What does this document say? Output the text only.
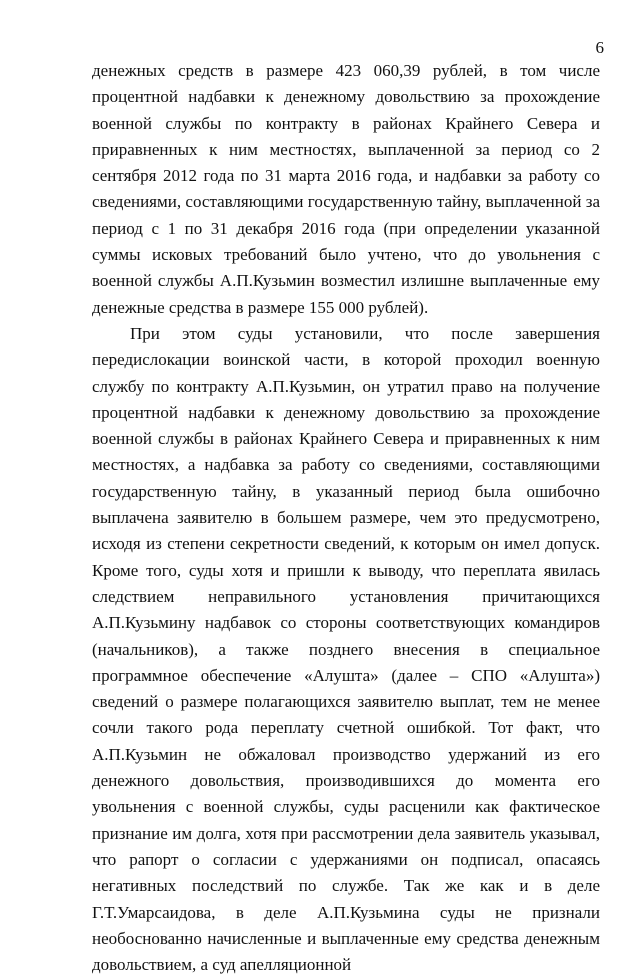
6

денежных средств в размере 423 060,39 рублей, в том числе процентной надбавки к денежному довольствию за прохождение военной службы по контракту в районах Крайнего Севера и приравненных к ним местностях, выплаченной за период со 2 сентября 2012 года по 31 марта 2016 года, и надбавки за работу со сведениями, составляющими государственную тайну, выплаченной за период с 1 по 31 декабря 2016 года (при определении указанной суммы исковых требований было учтено, что до увольнения с военной службы А.П.Кузьмин возместил излишне выплаченные ему денежные средства в размере 155 000 рублей).

При этом суды установили, что после завершения передислокации воинской части, в которой проходил военную службу по контракту А.П.Кузьмин, он утратил право на получение процентной надбавки к денежному довольствию за прохождение военной службы в районах Крайнего Севера и приравненных к ним местностях, а надбавка за работу со сведениями, составляющими государственную тайну, в указанный период была ошибочно выплачена заявителю в большем размере, чем это предусмотрено, исходя из степени секретности сведений, к которым он имел допуск. Кроме того, суды хотя и пришли к выводу, что переплата явилась следствием неправильного установления причитающихся А.П.Кузьмину надбавок со стороны соответствующих командиров (начальников), а также позднего внесения в специальное программное обеспечение «Алушта» (далее – СПО «Алушта») сведений о размере полагающихся заявителю выплат, тем не менее сочли такого рода переплату счетной ошибкой. Тот факт, что А.П.Кузьмин не обжаловал производство удержаний из его денежного довольствия, производившихся до момента его увольнения с военной службы, суды расценили как фактическое признание им долга, хотя при рассмотрении дела заявитель указывал, что рапорт о согласии с удержаниями он подписал, опасаясь негативных последствий по службе. Так же как и в деле Г.Т.Умарсаидова, в деле А.П.Кузьмина суды не признали необоснованно начисленные и выплаченные ему средства денежным довольствием, а суд апелляционной
